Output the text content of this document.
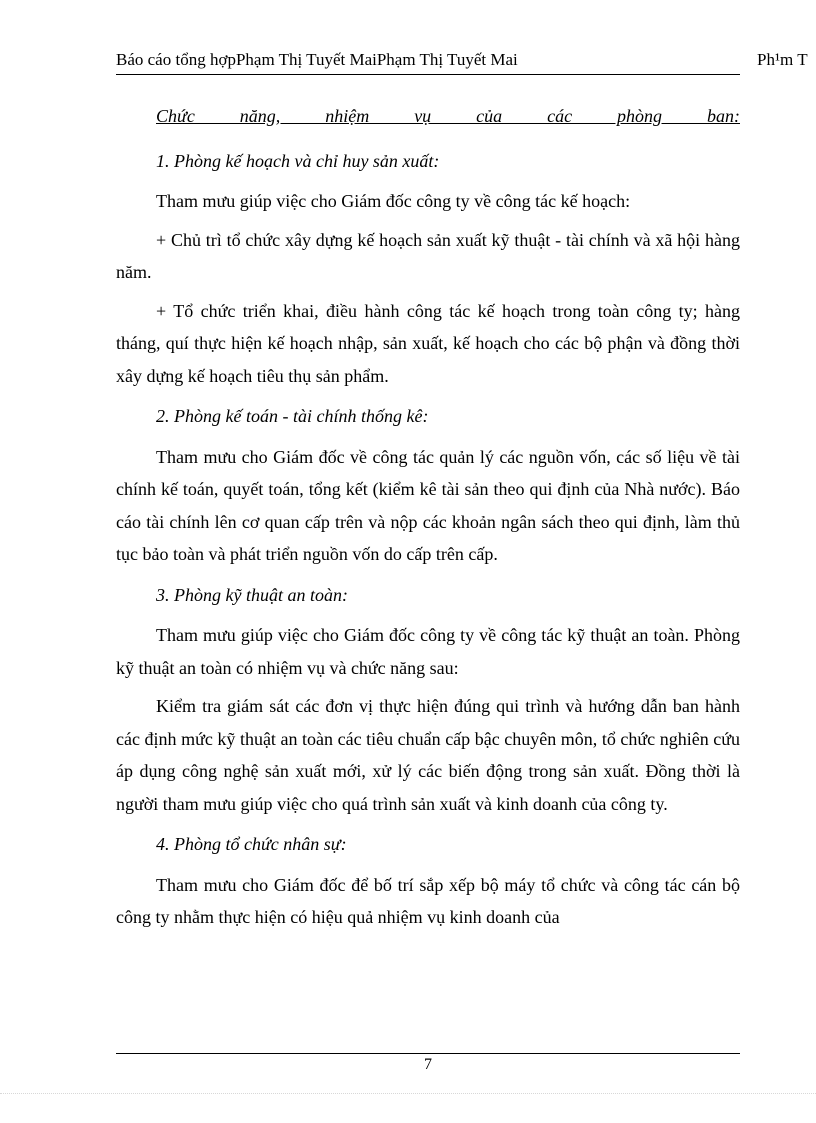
Báo cáo tổng hợpPhạm Thị Tuyết MaiPhạm Thị Tuyết Mai	Ph¹m T

Chức năng, nhiệm vụ của các phòng ban:

1. Phòng kế hoạch và chỉ huy sản xuất:

Tham mưu giúp việc cho Giám đốc công ty về công tác kế hoạch:

+ Chủ trì tổ chức xây dựng kế hoạch sản xuất kỹ thuật - tài chính và xã hội hàng năm.

+ Tổ chức triển khai, điều hành công tác kế hoạch trong toàn công ty; hàng tháng, quí thực hiện kế hoạch nhập, sản xuất, kế hoạch cho các bộ phận và đồng thời xây dựng kế hoạch tiêu thụ sản phẩm.

2. Phòng kế toán - tài chính thống kê:

Tham mưu cho Giám đốc về công tác quản lý các nguồn vốn, các số liệu về tài chính kế toán, quyết toán, tổng kết (kiểm kê tài sản theo qui định của Nhà nước). Báo cáo tài chính lên cơ quan cấp trên và nộp các khoản ngân sách theo qui định, làm thủ tục bảo toàn và phát triển nguồn vốn do cấp trên cấp.

3. Phòng kỹ thuật an toàn:

Tham mưu giúp việc cho Giám đốc công ty về công tác kỹ thuật an toàn. Phòng kỹ thuật an toàn có nhiệm vụ và chức năng sau:

Kiểm tra giám sát các đơn vị thực hiện đúng qui trình và hướng dẫn ban hành các định mức kỹ thuật an toàn các tiêu chuẩn cấp bậc chuyên môn, tổ chức nghiên cứu áp dụng công nghệ sản xuất mới, xử lý các biến động trong sản xuất. Đồng thời là người tham mưu giúp việc cho quá trình sản xuất và kinh doanh của công ty.

4. Phòng tổ chức nhân sự:

Tham mưu cho Giám đốc để bố trí sắp xếp bộ máy tổ chức và công tác cán bộ công ty nhằm thực hiện có hiệu quả nhiệm vụ kinh doanh của

7
